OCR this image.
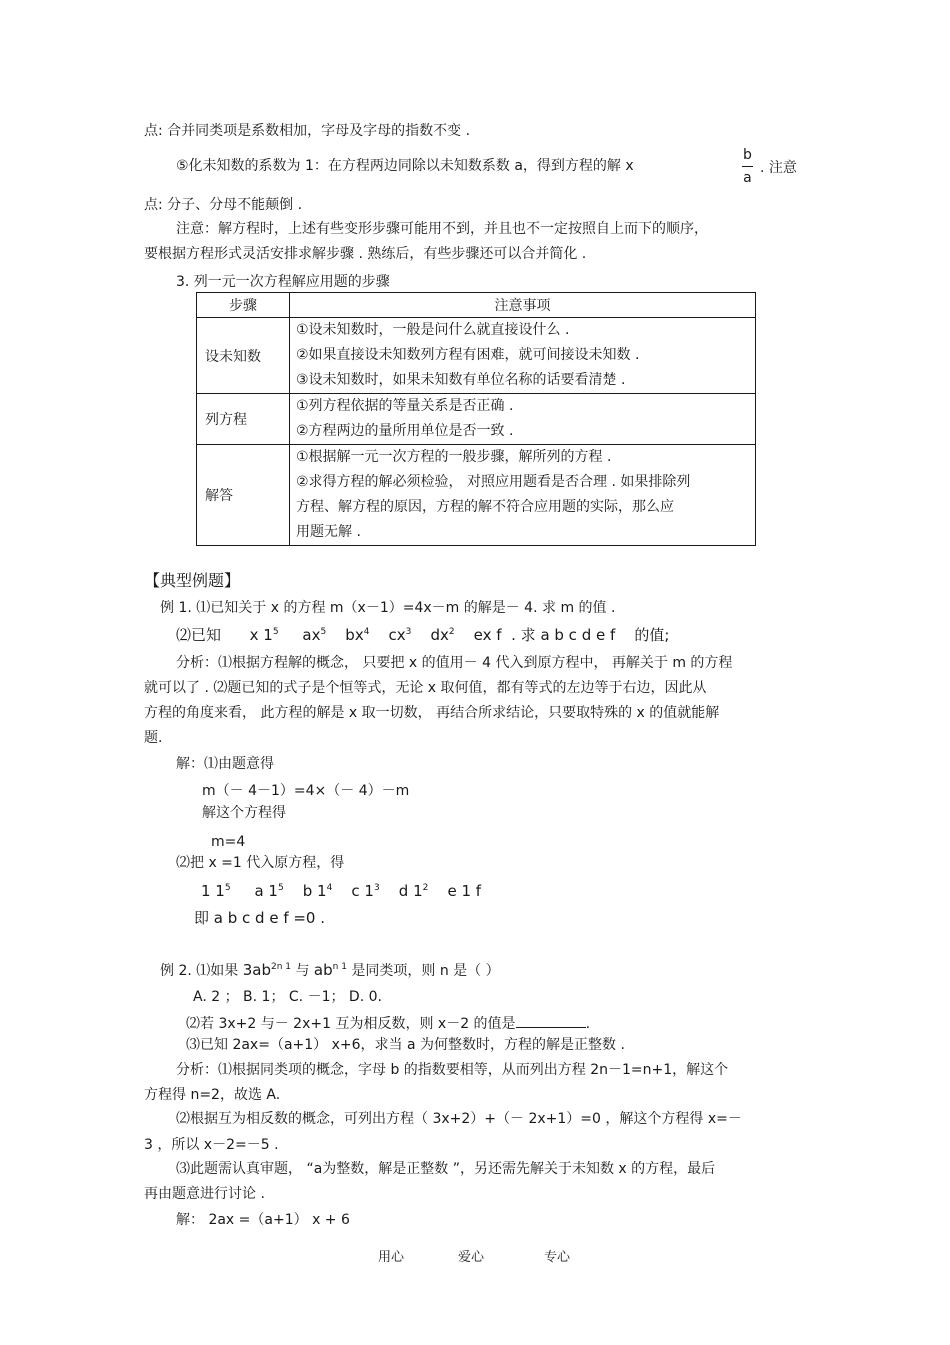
点: 合并同类项是系数相加，字母及字母的指数不变 .
⑤化未知数的系数为 1：在方程两边同除以未知数系数 a，得到方程的解 x	$\frac{b}{a}$ . 注意
点: 分子、分母不能颠倒 .
注意：解方程时，上述有些变形步骤可能用不到，并且也不一定按照自上而下的顺序，
要根据方程形式灵活安排求解步骤 . 熟练后，有些步骤还可以合并简化 .
3. 列一元一次方程解应用题的步骤
步骤	注意事项
设未知数	①设未知数时，一般是问什么就直接设什么 .
②如果直接设未知数列方程有困难，就可间接设未知数 .
③设未知数时，如果未知数有单位名称的话要看清楚 .

列方程	①列方程依据的等量关系是否正确 .
②方程两边的量所用单位是否一致 .

解答	①根据解一元一次方程的一般步骤，解所列的方程 .
②求得方程的解必须检验， 对照应用题看是否合理 . 如果排除列
方程、解方程的原因，方程的解不符合应用题的实际，那么应
用题无解 .
【典型例题】
例 1. ⑴已知关于 x 的方程 m（x－1）=4x－m 的解是－ 4. 求 m 的值 .
⑵已知 x $1^5$ $ax^5$ $bx^4$ $cx^3$ $dx^2$ ex f . 求 a b c d e f 的值;
分析：⑴根据方程解的概念， 只要把 x 的值用－ 4 代入到原方程中， 再解关于 m 的方程
就可以了 . ⑵题已知的式子是个恒等式，无论 x 取何值，都有等式的左边等于右边，因此从
方程的角度来看， 此方程的解是 x 取一切数， 再结合所求结论，只要取特殊的 x 的值就能解
题.
解：⑴由题意得
m（－ 4－1）=4×（－ 4）－m
解这个方程得
m=4
⑵把 x =1 代入原方程，得
1 $1^5$ a $1^5$ b $1^4$ c $1^3$ d $1^2$ e 1 f
即 a b c d e f =0 .
例 2. ⑴如果 $3ab^{2n 1}$ 与 $ab^{n 1}$ 是同类项，则 n 是（ ）
A. 2 ； B. 1； C. －1； D. 0.
⑵若 3x+2 与－ 2x+1 互为相反数，则 x－2 的值是	.
⑶已知 2ax=（a+1） x+6，求当 a 为何整数时，方程的解是正整数 .
分析：⑴根据同类项的概念，字母 b 的指数要相等，从而列出方程 2n－1=n+1，解这个
方程得 n=2，故选 A.
⑵根据互为相反数的概念，可列出方程（ 3x+2）+（－ 2x+1）=0 ，解这个方程得 x=－
3 ，所以 x－2=－5 .
⑶此题需认真审题， “a为整数，解是正整数 ”，另还需先解关于未知数 x 的方程，最后
再由题意进行讨论 .
解： 2ax =（a+1） x + 6
用心	爱心	专心
